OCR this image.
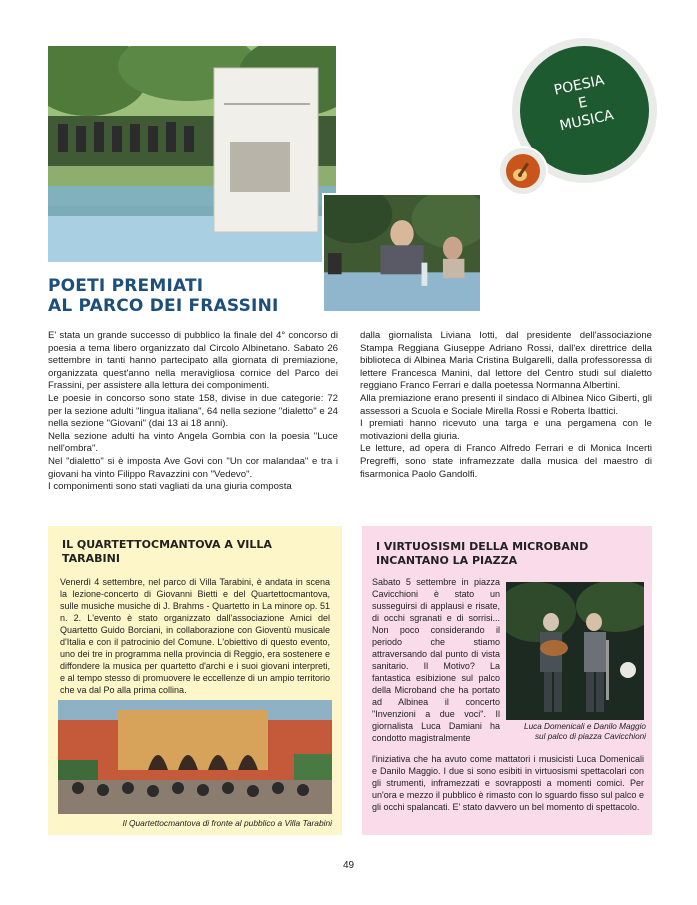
POESIA
E
MUSICA
POETI PREMIATI
AL PARCO DEI FRASSINI

E' stata un grande successo di pubblico la finale del 4° concorso di poesia a tema libero organizzato dal Circolo Albinetano. Sabato 26 settembre in tanti hanno partecipato alla giornata di premiazione, organizzata quest'anno nella meravigliosa cornice del Parco dei Frassini, per assistere alla lettura dei componimenti.

Le poesie in concorso sono state 158, divise in due categorie: 72 per la sezione adulti "lingua italiana", 64 nella sezione "dialetto" e 24 nella sezione "Giovani" (dai 13 ai 18 anni).

Nella sezione adulti ha vinto Angela Gombia con la poesia "Luce nell'ombra".

Nel "dialetto" si è imposta Ave Govi con "Un cor malandaa" e tra i giovani ha vinto Filippo Ravazzini con "Vedevo".

I componimenti sono stati vagliati da una giuria composta

dalla giornalista Liviana Iotti, dal presidente dell'associazione Stampa Reggiana Giuseppe Adriano Rossi, dall'ex direttrice della biblioteca di Albinea Maria Cristina Bulgarelli, dalla professoressa di lettere Francesca Manini, dal lettore del Centro studi sul dialetto reggiano Franco Ferrari e dalla poetessa Normanna Albertini.

Alla premiazione erano presenti il sindaco di Albinea Nico Giberti, gli assessori a Scuola e Sociale Mirella Rossi e Roberta Ibattici.

I premiati hanno ricevuto una targa e una pergamena con le motivazioni della giuria.

Le letture, ad opera di Franco Alfredo Ferrari e di Monica Incerti Pregreffi, sono state inframezzate dalla musica del maestro di fisarmonica Paolo Gandolfi.

IL QUARTETTOCMANTOVA A VILLA TARABINI
Venerdì 4 settembre, nel parco di Villa Tarabini, è andata in scena la lezione-concerto di Giovanni Bietti e del Quartettocmantova, sulle musiche musiche di J. Brahms - Quartetto in La minore op. 51 n. 2. L'evento è stato organizzato dall'associazione Amici del Quartetto Guido Borciani, in collaborazione con Gioventù musicale d'Italia e con il patrocinio del Comune. L'obiettivo di questo evento, uno dei tre in programma nella provincia di Reggio, era sostenere e diffondere la musica per quartetto d'archi e i suoi giovani interpreti, e al tempo stesso di promuovere le eccellenze di un ampio territorio che va dal Po alla prima collina.
Il Quartettocmantova di fronte al pubblico a Villa Tarabini
I VIRTUOSISMI DELLA MICROBAND
INCANTANO LA PIAZZA
Sabato 5 settembre in piazza Cavicchioni è stato un susseguirsi di applausi e risate, di occhi sgranati e di sorrisi... Non poco considerando il periodo che stiamo attraversando dal punto di vista sanitario. Il Motivo? La fantastica esibizione sul palco della Microband che ha portato ad Albinea il concerto "Invenzioni a due voci". Il giornalista Luca Damiani ha condotto magistralmente
Luca Domenicali e Danilo Maggio
sul palco di piazza Cavicchioni
l'iniziativa che ha avuto come mattatori i musicisti Luca Domenicali e Danilo Maggio. I due si sono esibiti in virtuosismi spettacolari con gli strumenti, inframezzati e sovrapposti a momenti comici. Per un'ora e mezzo il pubblico è rimasto con lo sguardo fisso sul palco e gli occhi spalancati. E' stato davvero un bel momento di spettacolo.
49
